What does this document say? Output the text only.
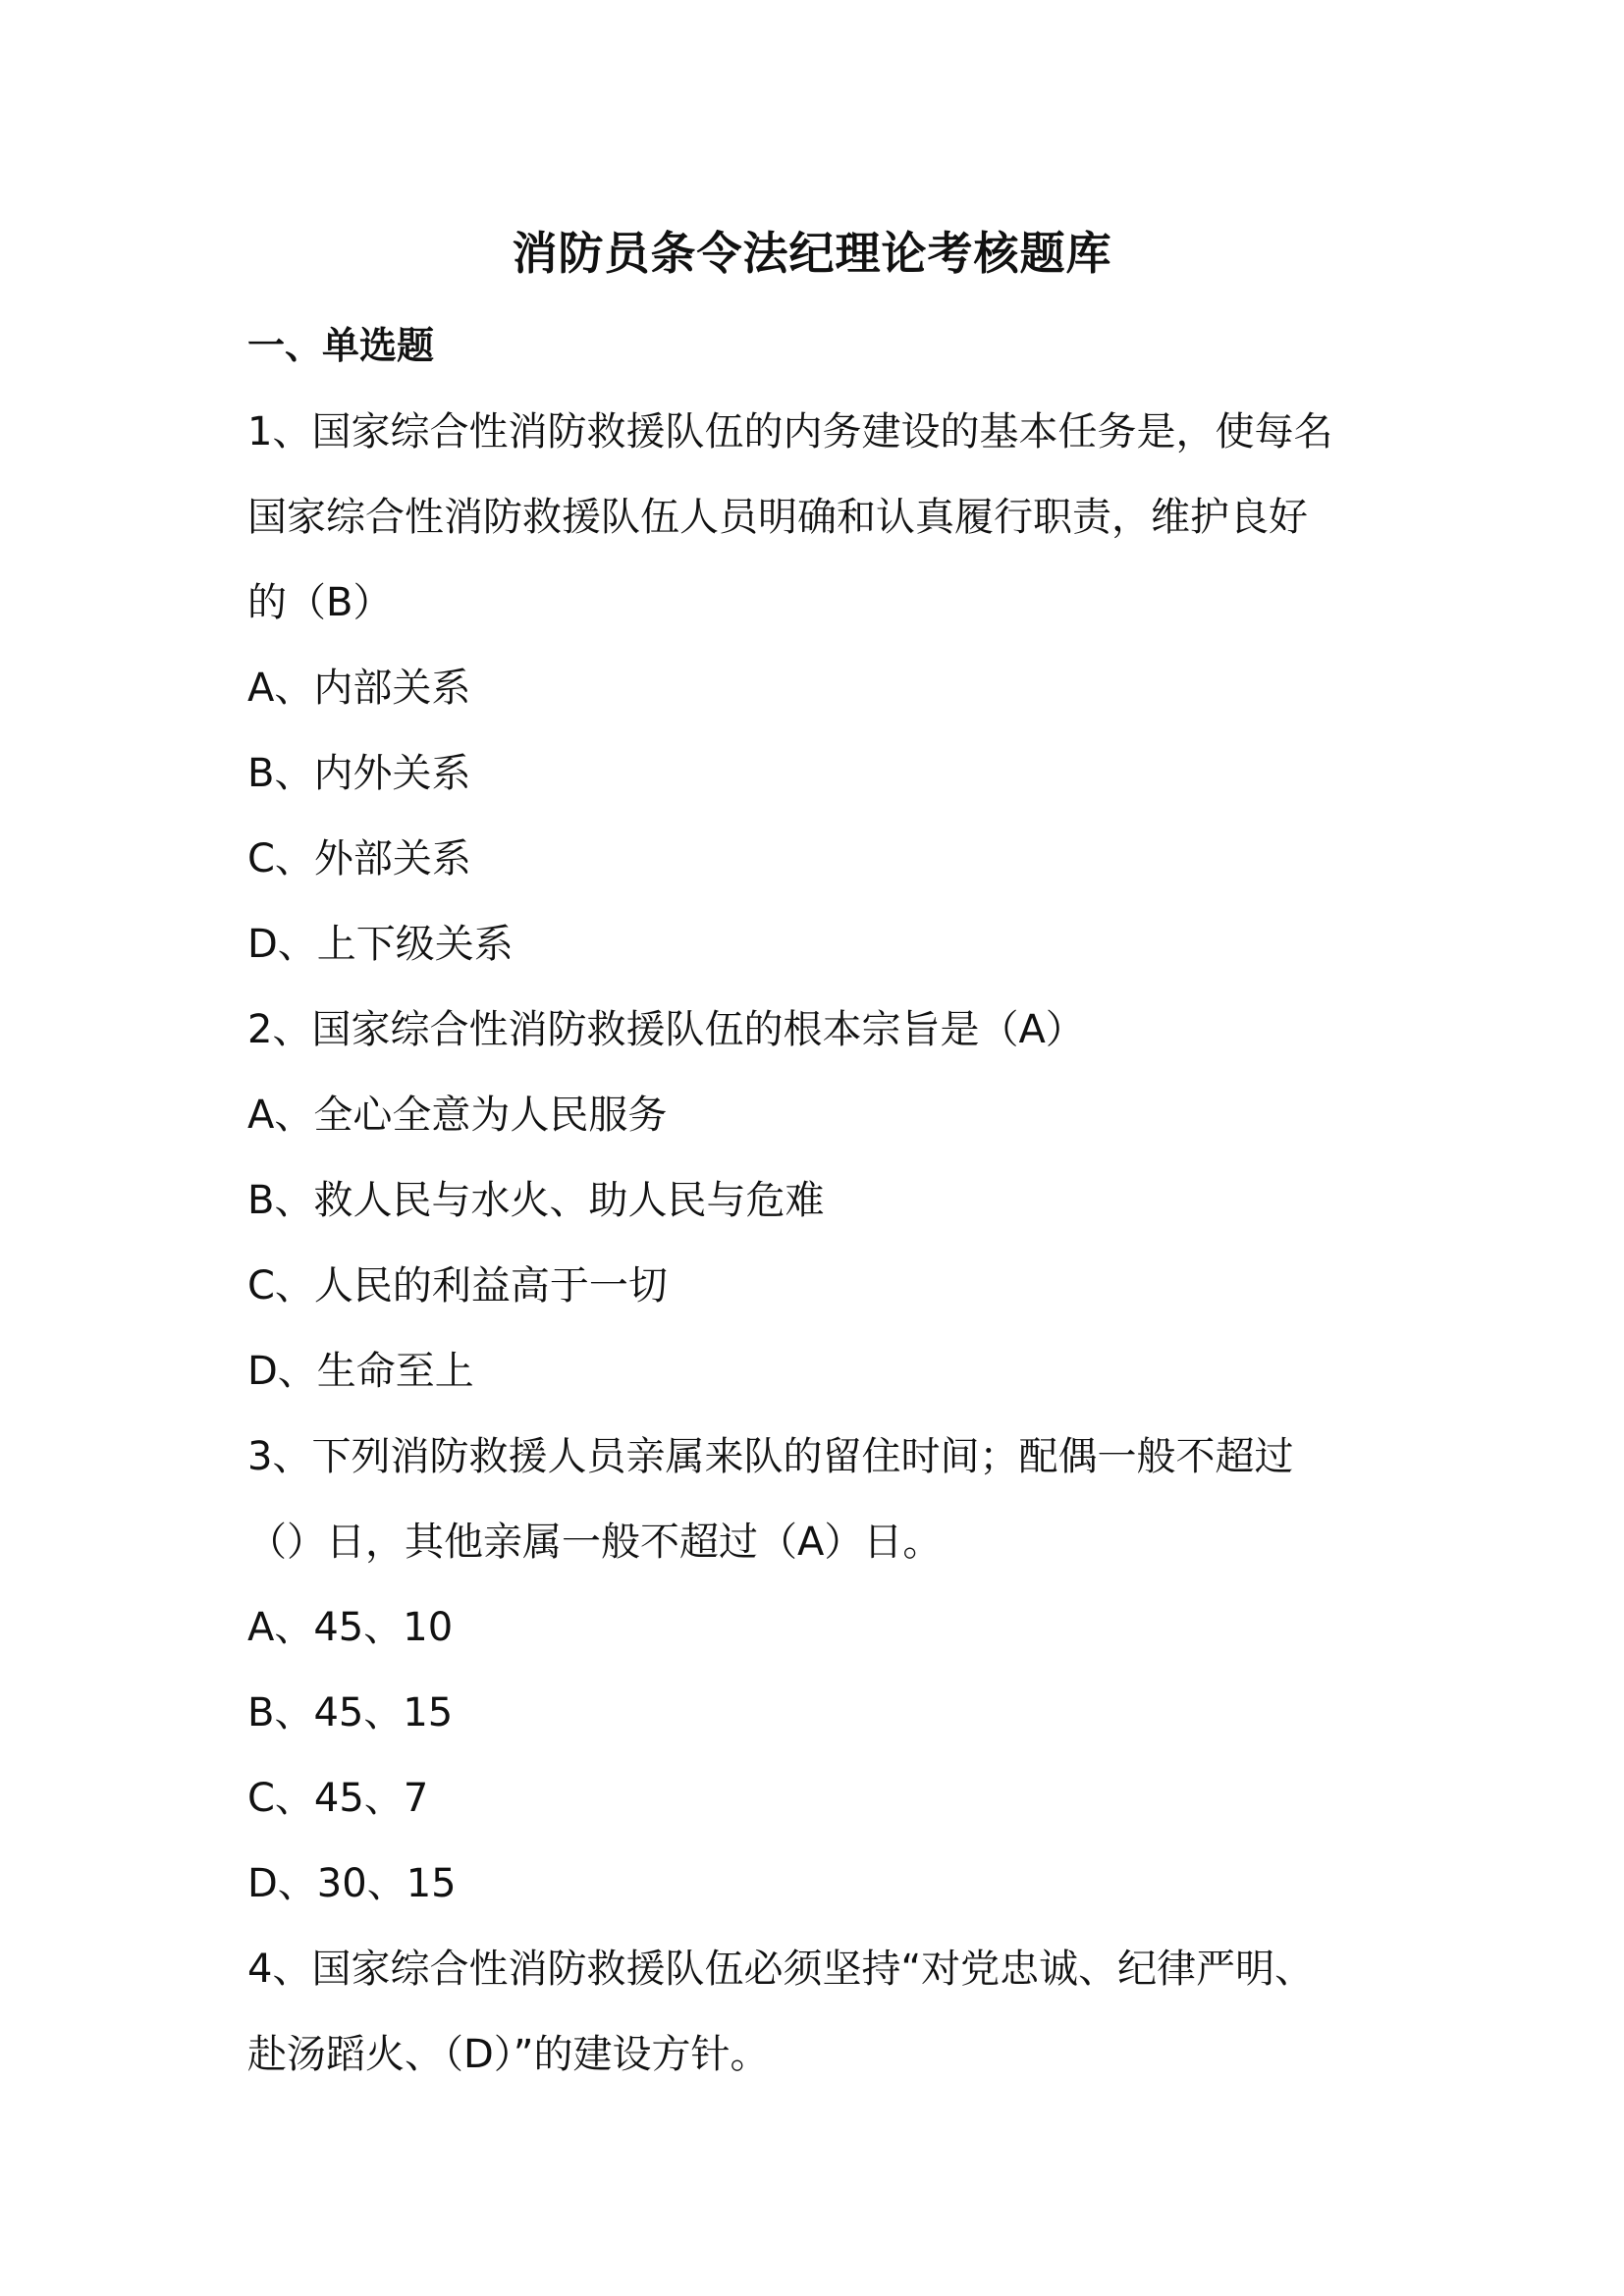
消防员条令法纪理论考核题库
一、单选题
1、国家综合性消防救援队伍的内务建设的基本任务是，使每名
国家综合性消防救援队伍人员明确和认真履行职责，维护良好
的（B）
A、内部关系
B、内外关系
C、外部关系
D、上下级关系
2、国家综合性消防救援队伍的根本宗旨是（A）
A、全心全意为人民服务
B、救人民与水火、助人民与危难
C、人民的利益高于一切
D、生命至上
3、下列消防救援人员亲属来队的留住时间；配偶一般不超过
（）日，其他亲属一般不超过（A）日。
A、45、10
B、45、15
C、45、7
D、30、15
4、国家综合性消防救援队伍必须坚持“对党忠诚、纪律严明、
赴汤蹈火、（D）”的建设方针。
